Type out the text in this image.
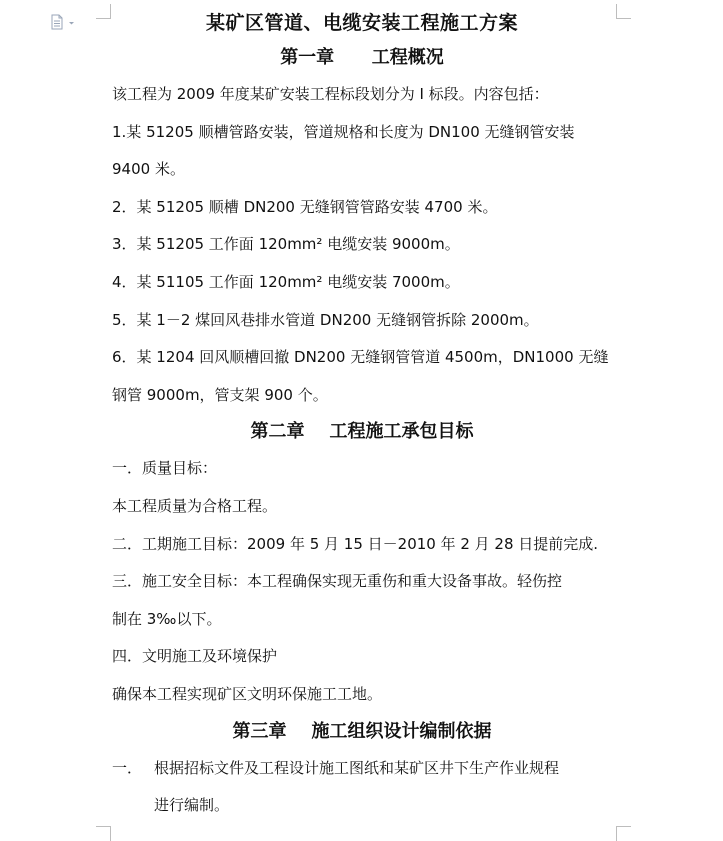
某矿区管道、电缆安装工程施工方案
第一章      工程概况
该工程为 2009 年度某矿安装工程标段划分为 I 标段。内容包括：
1.某 51205 顺槽管路安装，管道规格和长度为 DN100 无缝钢管安装
9400 米。
2．某 51205 顺槽 DN200 无缝钢管管路安装 4700 米。
3．某 51205 工作面 120mm² 电缆安装 9000m。
4．某 51105 工作面 120mm² 电缆安装 7000m。
5．某 1－2 煤回风巷排水管道 DN200 无缝钢管拆除 2000m。
6．某 1204 回风顺槽回撤 DN200 无缝钢管管道 4500m，DN1000 无缝
钢管 9000m，管支架 900 个。
第二章    工程施工承包目标
一．质量目标：
本工程质量为合格工程。
二．工期施工目标：2009 年 5 月 15 日－2010 年 2 月 28 日提前完成.
三．施工安全目标：本工程确保实现无重伤和重大设备事故。轻伤控
制在 3‰以下。
四．文明施工及环境保护
确保本工程实现矿区文明环保施工工地。
第三章    施工组织设计编制依据
一． 根据招标文件及工程设计施工图纸和某矿区井下生产作业规程
进行编制。
